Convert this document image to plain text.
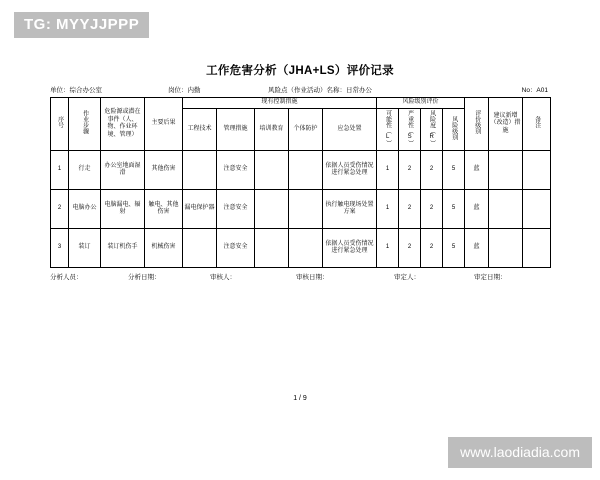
TG: MYYJJPPP
工作危害分析（JHA+LS）评价记录
单位：综合办公室	岗位：内勤	风险点（作业活动）名称：日常办公	No：A01
序号	作业步骤	危险源或潜在事件（人、物、作业环境、管理）	主要后果	现有控制措施					风险级别评价				评价级别	建议新增（改造）措施	备注
				工程技术	管理措施	培训教育	个体防护	应急处置	可能性（L）	严重性（S）	风险度（R）	风险级别			

1	行走	办公室地面湿滑	其他伤害		注意安全			依据人员受伤情况进行紧急处理	1	2	2	5	蓝		
2	电脑办公	电脑漏电、辐射	触电、其他伤害	漏电保护器	注意安全			执行触电现场处置方案	1	2	2	5	蓝		
3	装订	装订机伤手	机械伤害		注意安全			依据人员受伤情况进行紧急处理	1	2	2	5	蓝		
分析人员：	分析日期：	审核人：	审核日期：	审定人：	审定日期：
1 / 9
www.laodiadia.com
